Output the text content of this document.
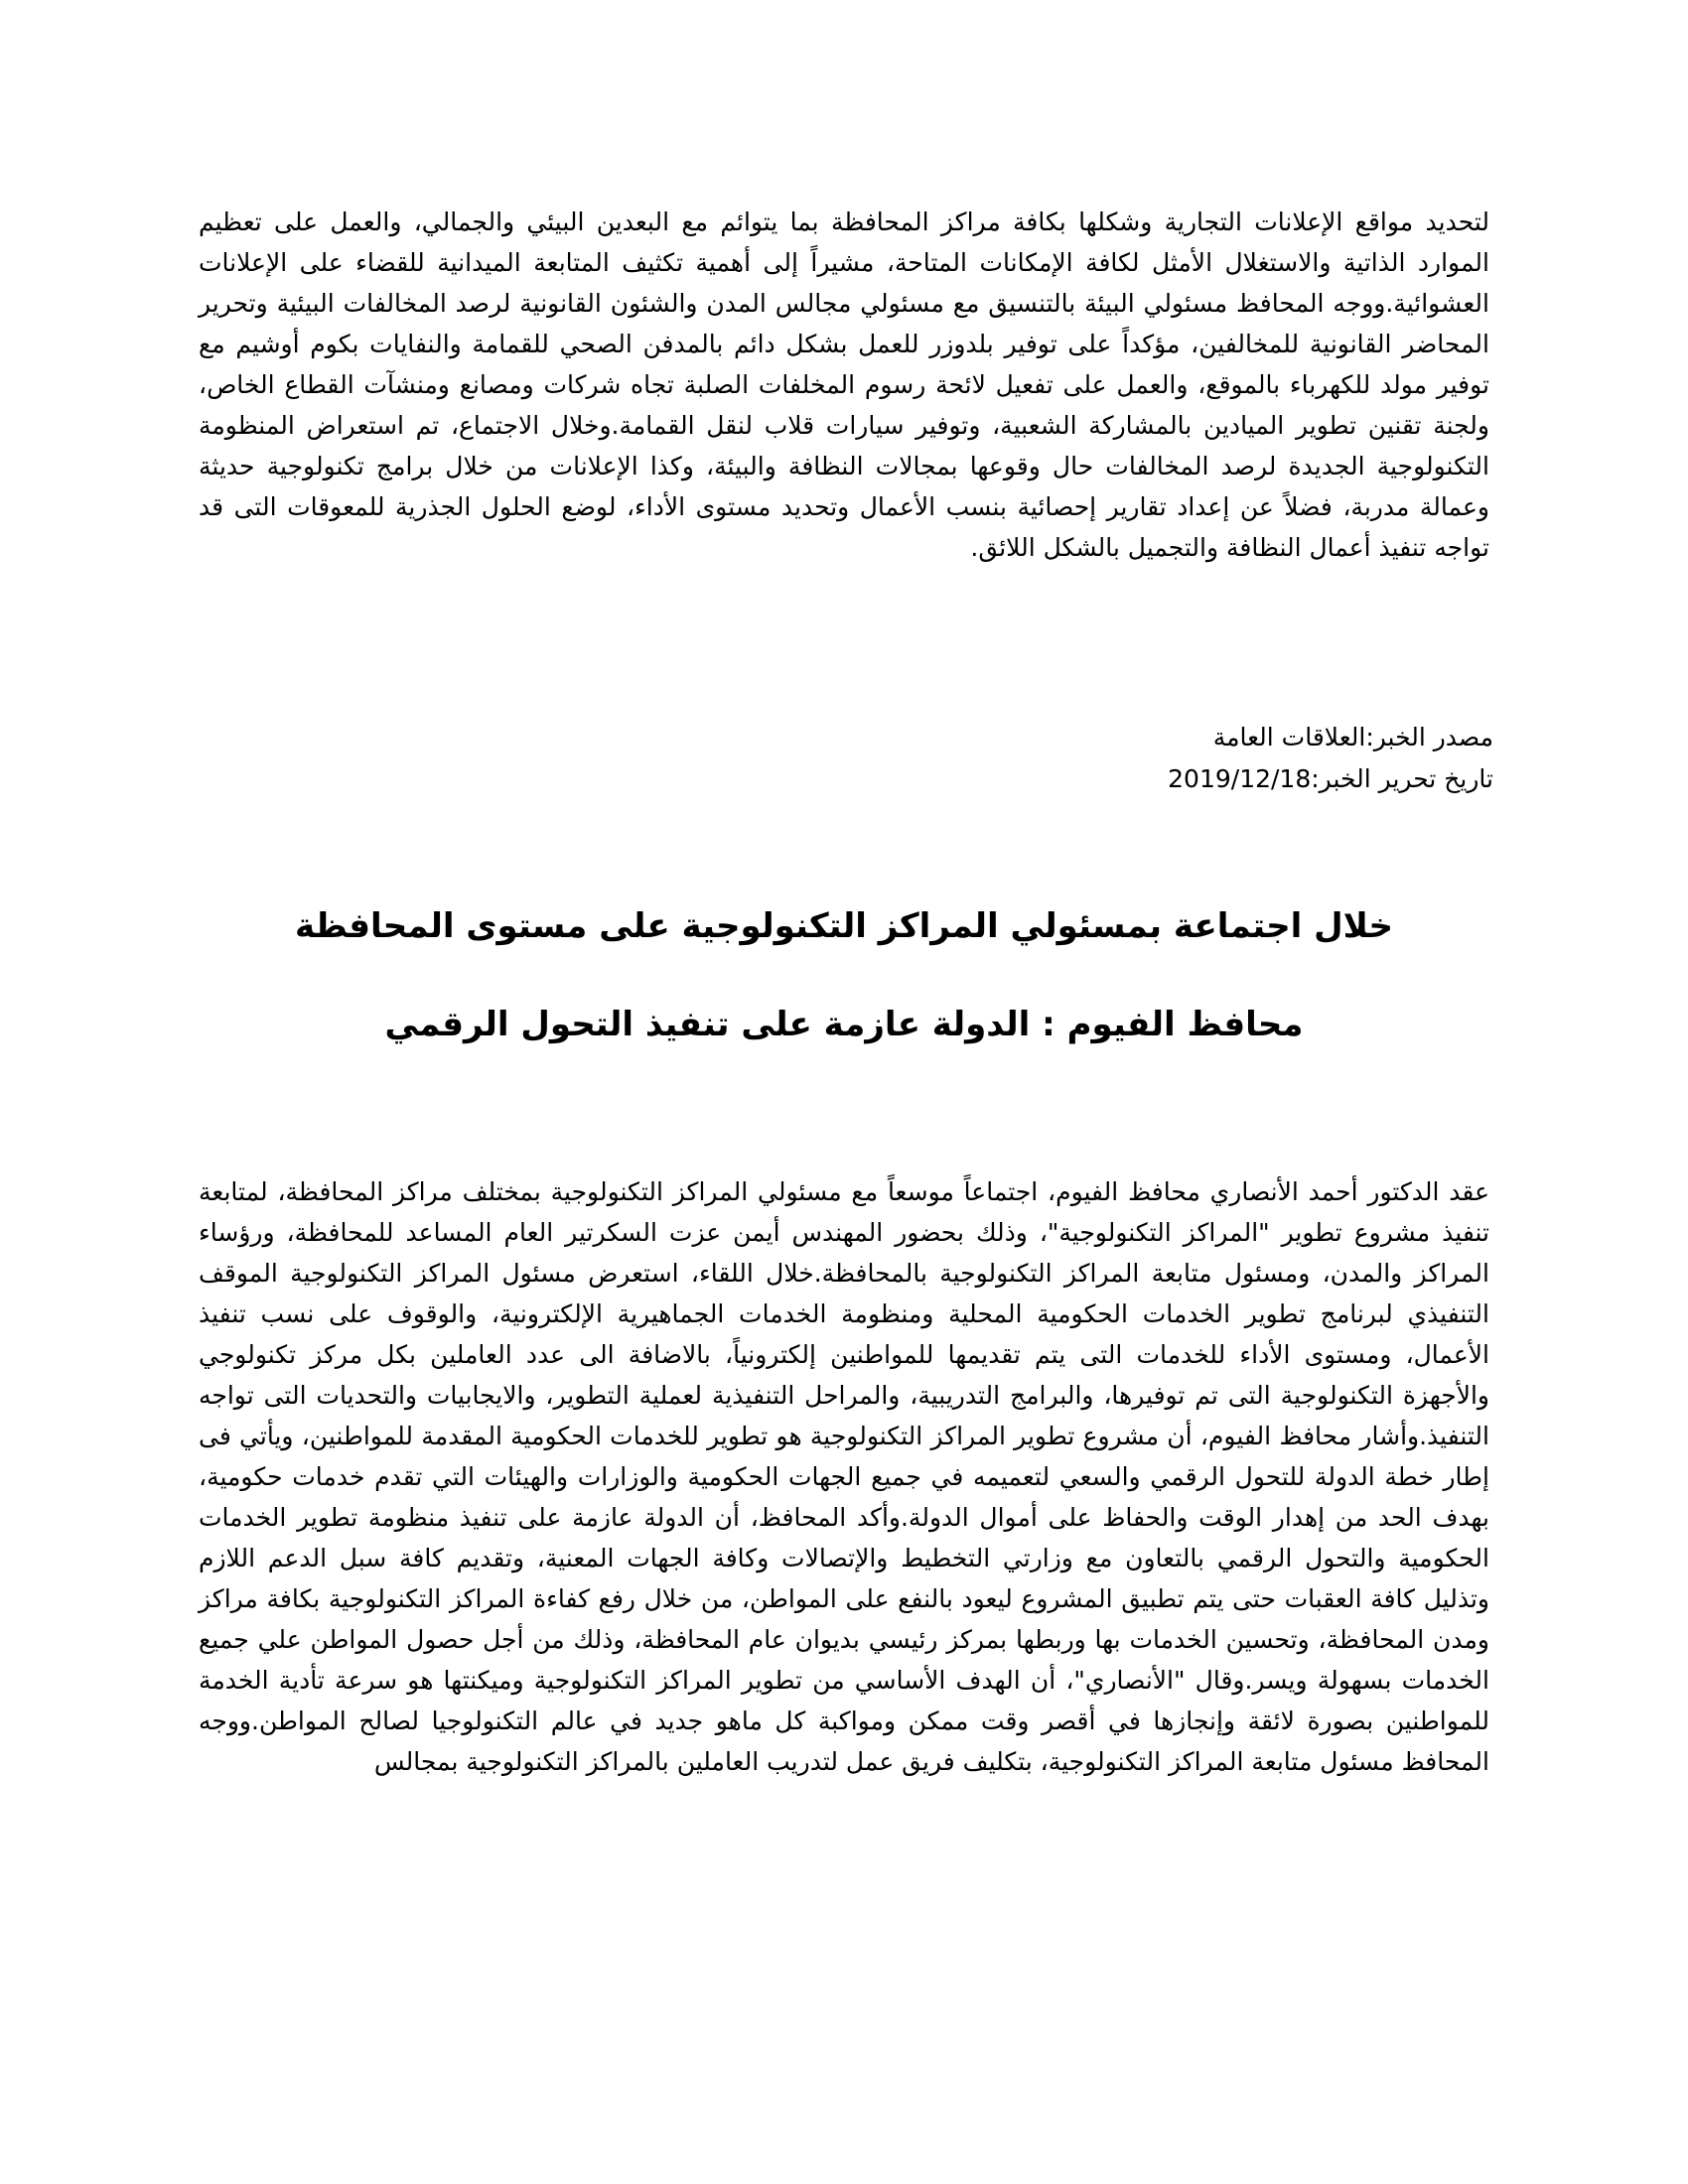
لتحديد مواقع الإعلانات التجارية وشكلها بكافة مراكز المحافظة بما يتوائم مع البعدين البيئي والجمالي، والعمل على تعظيم الموارد الذاتية والاستغلال الأمثل لكافة الإمكانات المتاحة، مشيراً إلى أهمية تكثيف المتابعة الميدانية للقضاء على الإعلانات العشوائية.ووجه المحافظ مسئولي البيئة بالتنسيق مع مسئولي مجالس المدن والشئون القانونية لرصد المخالفات البيئية وتحرير المحاضر القانونية للمخالفين، مؤكداً على توفير بلدوزر للعمل بشكل دائم بالمدفن الصحي للقمامة والنفايات بكوم أوشيم مع توفير مولد للكهرباء بالموقع، والعمل على تفعيل لائحة رسوم المخلفات الصلبة تجاه شركات ومصانع ومنشآت القطاع الخاص، ولجنة تقنين تطوير الميادين بالمشاركة الشعبية، وتوفير سيارات قلاب لنقل القمامة.وخلال الاجتماع، تم استعراض المنظومة التكنولوجية الجديدة لرصد المخالفات حال وقوعها بمجالات النظافة والبيئة، وكذا الإعلانات من خلال برامج تكنولوجية حديثة وعمالة مدربة، فضلاً عن إعداد تقارير إحصائية بنسب الأعمال وتحديد مستوى الأداء، لوضع الحلول الجذرية للمعوقات التى قد تواجه تنفيذ أعمال النظافة والتجميل بالشكل اللائق.

مصدر الخبر:العلاقات العامة

تاريخ تحرير الخبر:2019/12/18

خلال اجتماعة بمسئولي المراكز التكنولوجية على مستوى المحافظة
محافظ الفيوم : الدولة عازمة على تنفيذ التحول الرقمي

عقد الدكتور أحمد الأنصاري محافظ الفيوم، اجتماعاً موسعاً مع مسئولي المراكز التكنولوجية بمختلف مراكز المحافظة، لمتابعة تنفيذ مشروع تطوير "المراكز التكنولوجية"، وذلك بحضور المهندس أيمن عزت السكرتير العام المساعد للمحافظة، ورؤساء المراكز والمدن، ومسئول متابعة المراكز التكنولوجية بالمحافظة.خلال اللقاء، استعرض مسئول المراكز التكنولوجية الموقف التنفيذي لبرنامج تطوير الخدمات الحكومية المحلية ومنظومة الخدمات الجماهيرية الإلكترونية، والوقوف على نسب تنفيذ الأعمال، ومستوى الأداء للخدمات التى يتم تقديمها للمواطنين إلكترونياً، بالاضافة الى عدد العاملين بكل مركز تكنولوجي والأجهزة التكنولوجية التى تم توفيرها، والبرامج التدريبية، والمراحل التنفيذية لعملية التطوير، والايجابيات والتحديات التى تواجه التنفيذ.وأشار محافظ الفيوم، أن مشروع تطوير المراكز التكنولوجية هو تطوير للخدمات الحكومية المقدمة للمواطنين، ويأتي فى إطار خطة الدولة للتحول الرقمي والسعي لتعميمه في جميع الجهات الحكومية والوزارات والهيئات التي تقدم خدمات حكومية، بهدف الحد من إهدار الوقت والحفاظ على أموال الدولة.وأكد المحافظ، أن الدولة عازمة على تنفيذ منظومة تطوير الخدمات الحكومية والتحول الرقمي بالتعاون مع وزارتي التخطيط والإتصالات وكافة الجهات المعنية، وتقديم كافة سبل الدعم اللازم وتذليل كافة العقبات حتى يتم تطبيق المشروع ليعود بالنفع على المواطن، من خلال رفع كفاءة المراكز التكنولوجية بكافة مراكز ومدن المحافظة، وتحسين الخدمات بها وربطها بمركز رئيسي بديوان عام المحافظة، وذلك من أجل حصول المواطن علي جميع الخدمات بسهولة ويسر.وقال "الأنصاري"، أن الهدف الأساسي من تطوير المراكز التكنولوجية وميكنتها هو سرعة تأدية الخدمة للمواطنين بصورة لائقة وإنجازها في أقصر وقت ممكن ومواكبة كل ماهو جديد في عالم التكنولوجيا لصالح المواطن.ووجه المحافظ مسئول متابعة المراكز التكنولوجية، بتكليف فريق عمل لتدريب العاملين بالمراكز التكنولوجية بمجالس
